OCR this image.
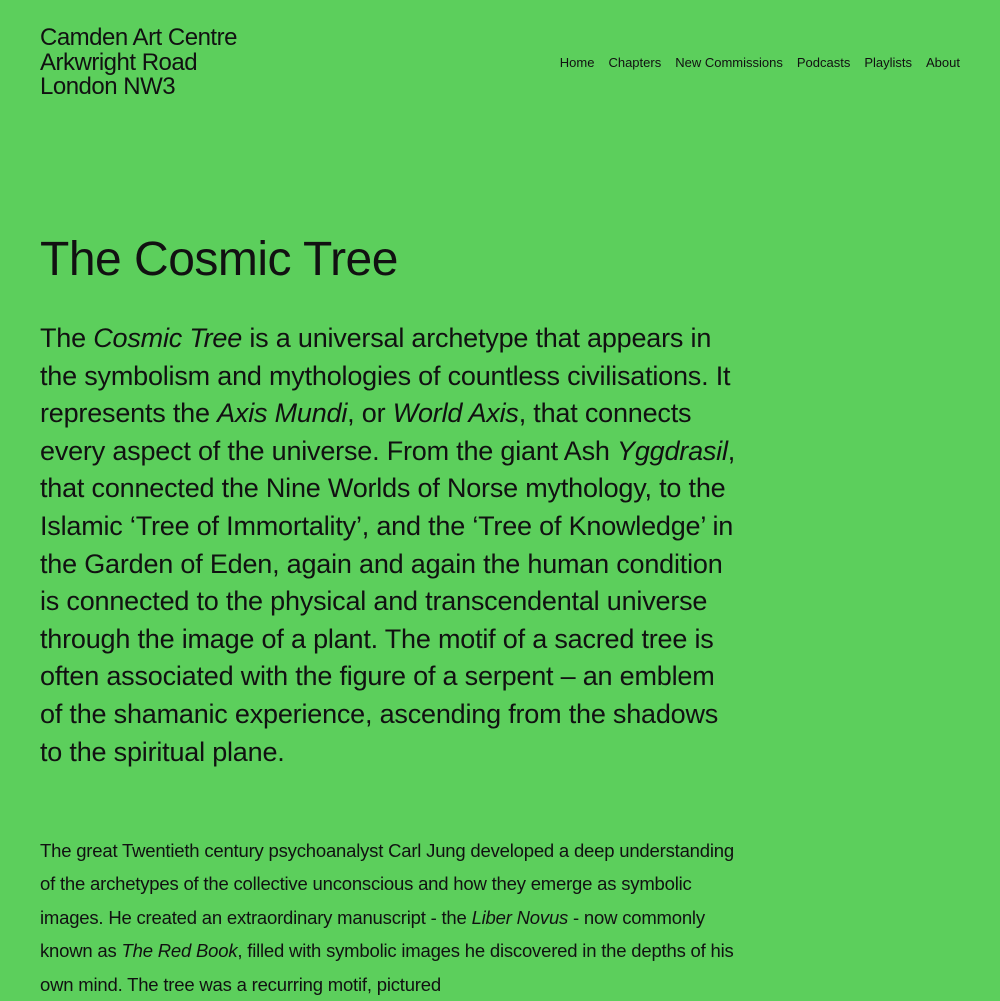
Camden Art Centre
Arkwright Road
London NW3
Home Chapters New Commissions Podcasts Playlists About
The Cosmic Tree

The Cosmic Tree is a universal archetype that appears in the symbolism and mythologies of countless civilisations. It represents the Axis Mundi, or World Axis, that connects every aspect of the universe. From the giant Ash Yggdrasil, that connected the Nine Worlds of Norse mythology, to the Islamic ‘Tree of Immortality’, and the ‘Tree of Knowledge’ in the Garden of Eden, again and again the human condition is connected to the physical and transcendental universe through the image of a plant. The motif of a sacred tree is often associated with the figure of a serpent – an emblem of the shamanic experience, ascending from the shadows to the spiritual plane.

The great Twentieth century psychoanalyst Carl Jung developed a deep understanding of the archetypes of the collective unconscious and how they emerge as symbolic images. He created an extraordinary manuscript - the Liber Novus - now commonly known as The Red Book, filled with symbolic images he discovered in the depths of his own mind. The tree was a recurring motif, pictured
